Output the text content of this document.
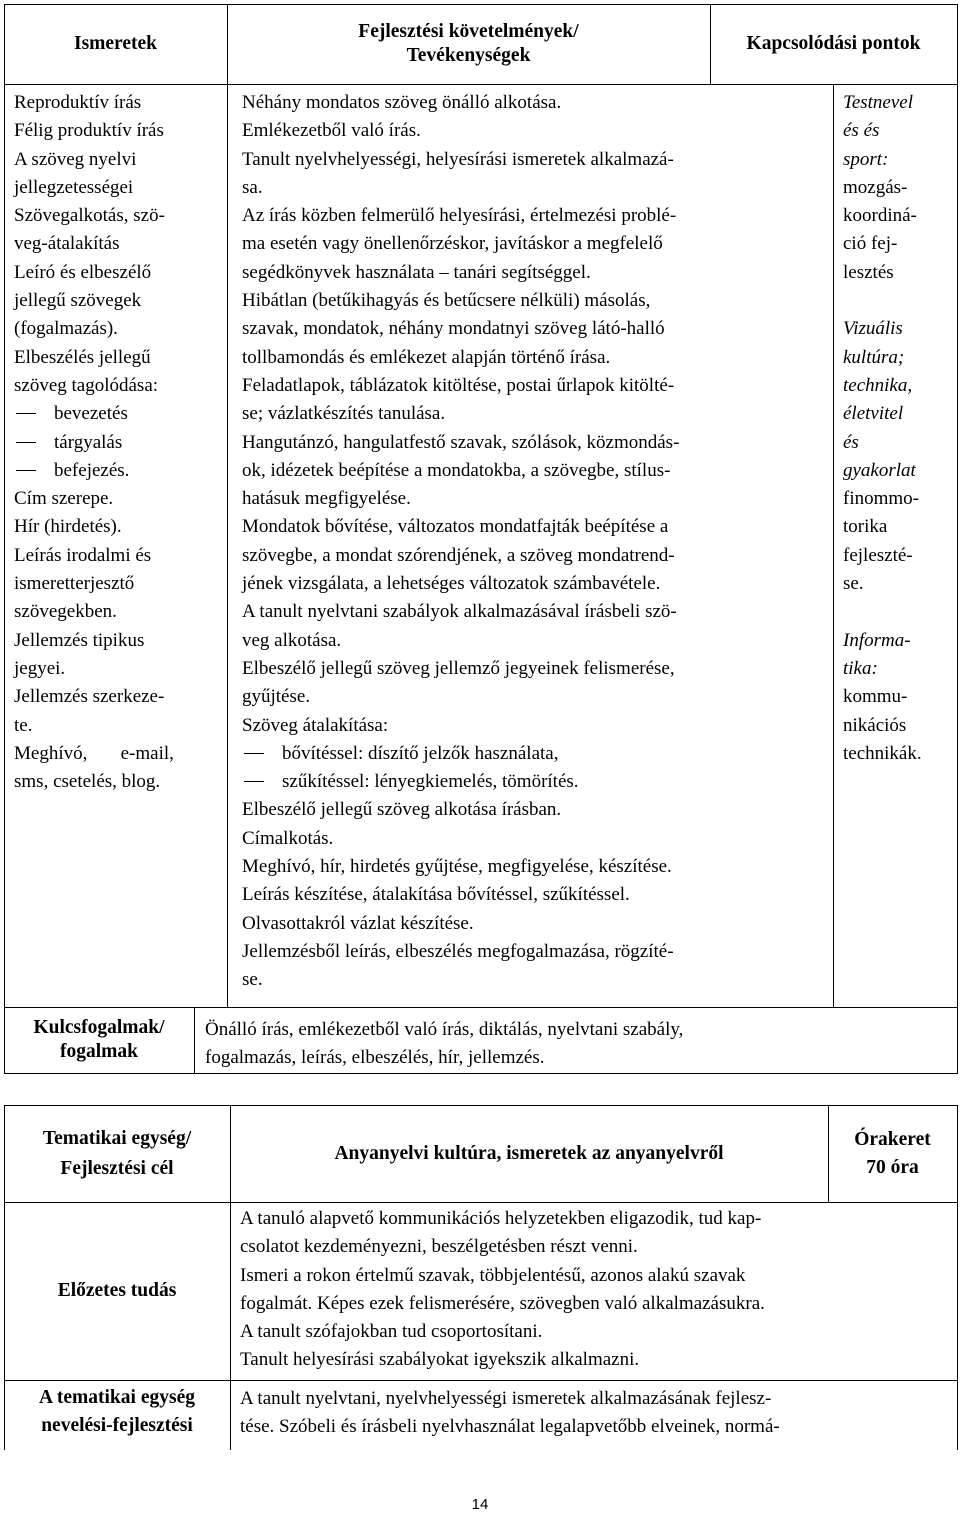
Ismeretek
Fejlesztési követelmények/
Tevékenységek
Kapcsolódási pontok
Reproduktív írás
Félig produktív írás
A szöveg nyelvi
jellegzetességei
Szövegalkotás, szö-
veg-átalakítás
Leíró és elbeszélő
jellegű szövegek
(fogalmazás).
Elbeszélés jellegű
szöveg tagolódása:
bevezetés
tárgyalás
befejezés.
Cím szerepe.
Hír (hirdetés).
Leírás irodalmi és
ismeretterjesztő
szövegekben.
Jellemzés tipikus
jegyei.
Jellemzés szerkeze-
te.
Meghívó,       e-mail,
sms, csetelés, blog.
Néhány mondatos szöveg önálló alkotása.
Emlékezetből való írás.
Tanult nyelvhelyességi, helyesírási ismeretek alkalmazá-
sa.
Az írás közben felmerülő helyesírási, értelmezési problé-
ma esetén vagy önellenőrzéskor, javításkor a megfelelő
segédkönyvek használata – tanári segítséggel.
Hibátlan (betűkihagyás és betűcsere nélküli) másolás,
szavak, mondatok, néhány mondatnyi szöveg látó-halló
tollbamondás és emlékezet alapján történő írása.
Feladatlapok, táblázatok kitöltése, postai űrlapok kitölté-
se; vázlatkészítés tanulása.
Hangutánzó, hangulatfestő szavak, szólások, közmondás-
ok, idézetek beépítése a mondatokba, a szövegbe, stílus-
hatásuk megfigyelése.
Mondatok bővítése, változatos mondatfajták beépítése a
szövegbe, a mondat szórendjének, a szöveg mondatrend-
jének vizsgálata, a lehetséges változatok számbavétele.
A tanult nyelvtani szabályok alkalmazásával írásbeli szö-
veg alkotása.
Elbeszélő jellegű szöveg jellemző jegyeinek felismerése,
gyűjtése.
Szöveg átalakítása:
bővítéssel: díszítő jelzők használata,
szűkítéssel: lényegkiemelés, tömörítés.
Elbeszélő jellegű szöveg alkotása írásban.
Címalkotás.
Meghívó, hír, hirdetés gyűjtése, megfigyelése, készítése.
Leírás készítése, átalakítása bővítéssel, szűkítéssel.
Olvasottakról vázlat készítése.
Jellemzésből leírás, elbeszélés megfogalmazása, rögzíté-
se.
Testnevel
és és
sport:
mozgás-
koordiná-
ció fej-
lesztés
Vizuális
kultúra;
technika,
életvitel
és
gyakorlat
finommo-
torika
fejleszté-
se.
Informa-
tika:
kommu-
nikációs
technikák.
Kulcsfogalmak/
fogalmak
Önálló írás, emlékezetből való írás, diktálás, nyelvtani szabály,
fogalmazás, leírás, elbeszélés, hír, jellemzés.
Tematikai egység/
Fejlesztési cél
Anyanyelvi kultúra, ismeretek az anyanyelvről
Órakeret
70 óra
Előzetes tudás
A tanuló alapvető kommunikációs helyzetekben eligazodik, tud kap-
csolatot kezdeményezni, beszélgetésben részt venni.
Ismeri a rokon értelmű szavak, többjelentésű, azonos alakú szavak
fogalmát. Képes ezek felismerésére, szövegben való alkalmazásukra.
A tanult szófajokban tud csoportosítani.
Tanult helyesírási szabályokat igyekszik alkalmazni.
A tematikai egység
nevelési-fejlesztési
A tanult nyelvtani, nyelvhelyességi ismeretek alkalmazásának fejlesz-
tése. Szóbeli és írásbeli nyelvhasználat legalapvetőbb elveinek, normá-
14
